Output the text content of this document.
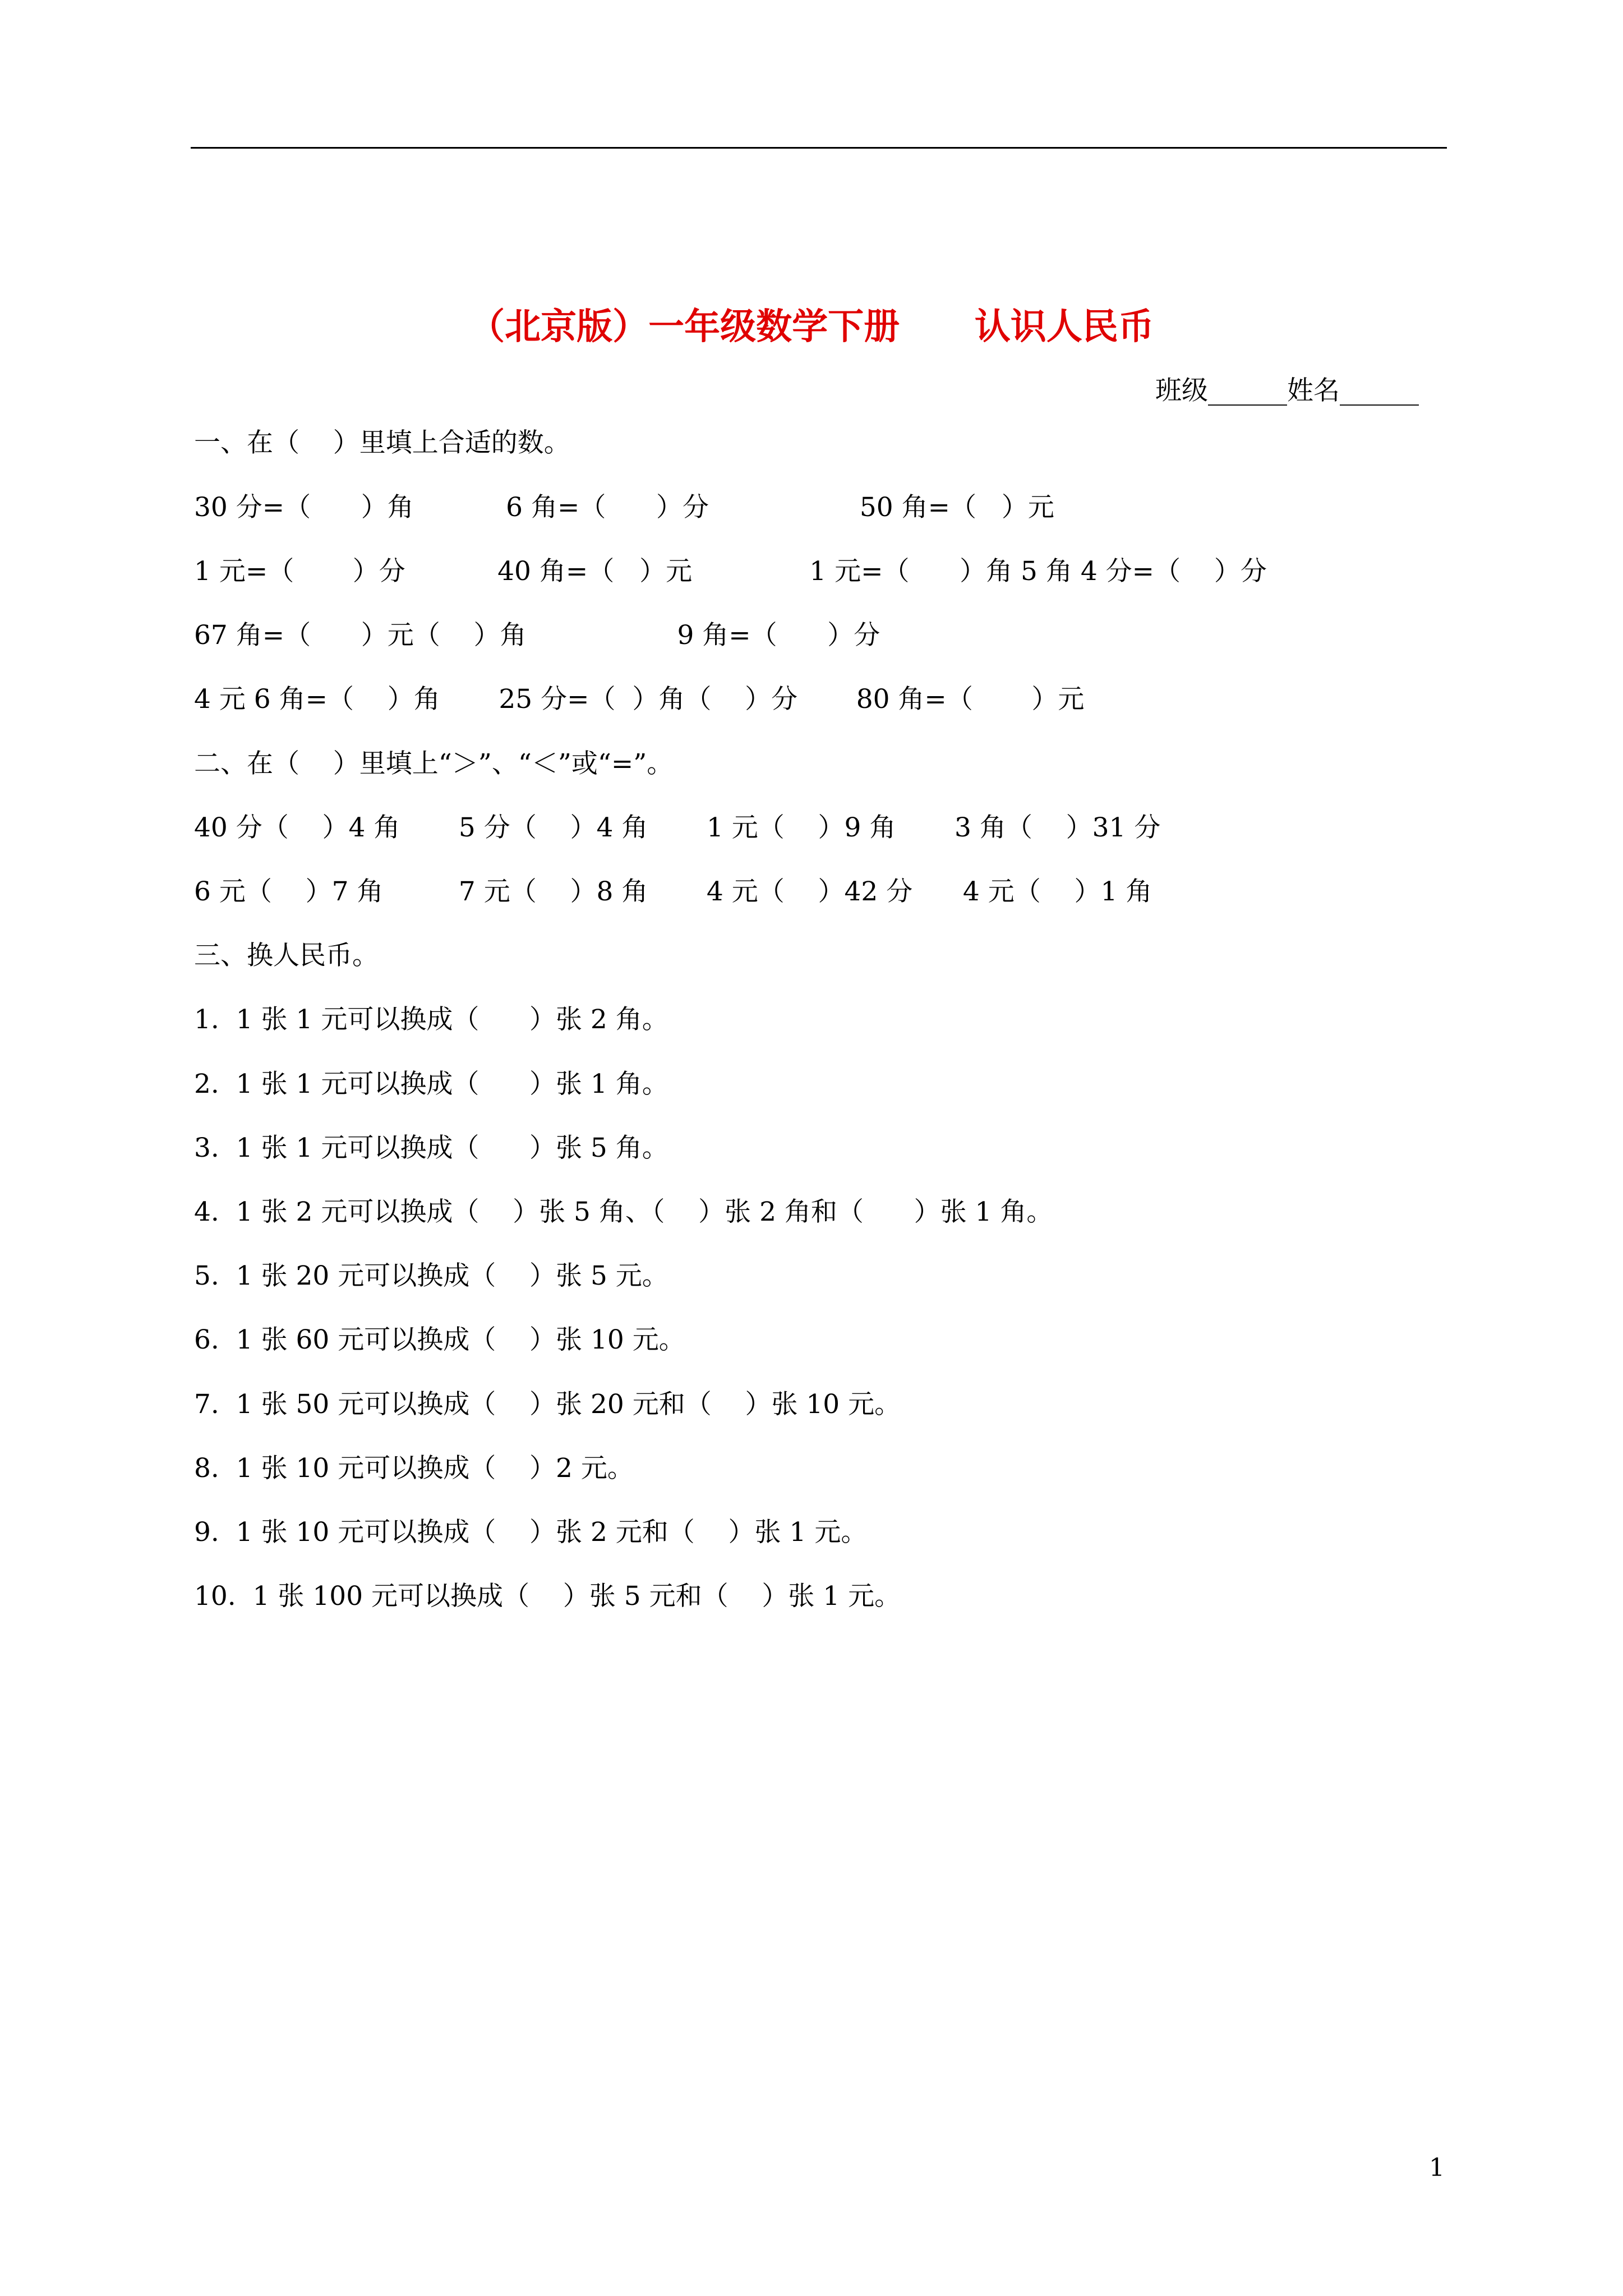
（北京版）一年级数学下册      认识人民币
班级______姓名______
一、在（    ）里填上合适的数。
30 分=（      ）角           6 角=（      ）分                  50 角=（   ）元
1 元=（       ）分           40 角=（   ）元              1 元=（      ）角 5 角 4 分=（    ）分
67 角=（      ）元（    ）角                  9 角=（      ）分
4 元 6 角=（    ）角       25 分=（  ）角（    ）分       80 角=（       ）元
二、在（    ）里填上“＞”、“＜”或“=”。
40 分（    ）4 角       5 分（    ）4 角       1 元（    ）9 角       3 角（    ）31 分
6 元（    ）7 角         7 元（    ）8 角       4 元（    ）42 分      4 元（    ）1 角
三、换人民币。
1.  1 张 1 元可以换成（      ）张 2 角。
2.  1 张 1 元可以换成（      ）张 1 角。
3.  1 张 1 元可以换成（      ）张 5 角。
4.  1 张 2 元可以换成（    ）张 5 角、（    ）张 2 角和（      ）张 1 角。
5.  1 张 20 元可以换成（    ）张 5 元。
6.  1 张 60 元可以换成（    ）张 10 元。
7.  1 张 50 元可以换成（    ）张 20 元和（    ）张 10 元。
8.  1 张 10 元可以换成（    ）2 元。
9.  1 张 10 元可以换成（    ）张 2 元和（    ）张 1 元。
10.  1 张 100 元可以换成（    ）张 5 元和（    ）张 1 元。
1
